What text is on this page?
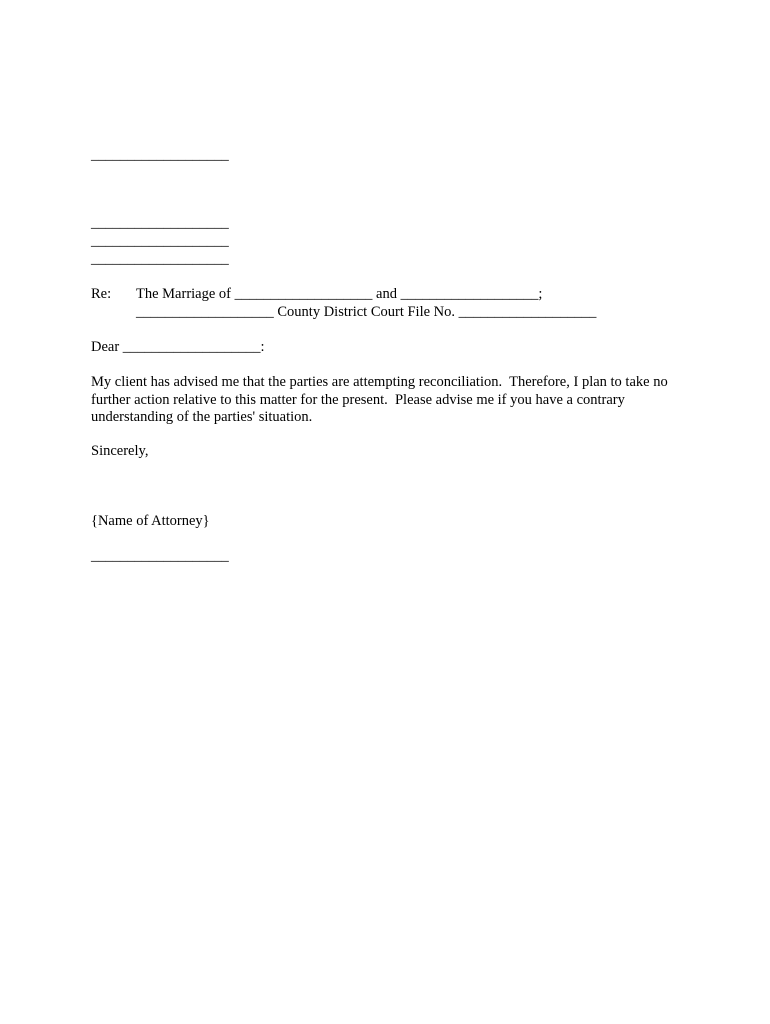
___________________
___________________
___________________
___________________
Re: The Marriage of ___________________ and ___________________;
___________________ County District Court File No. ___________________
Dear ___________________:
My client has advised me that the parties are attempting reconciliation.  Therefore, I plan to take no
further action relative to this matter for the present.  Please advise me if you have a contrary
understanding of the parties' situation.
Sincerely,
{Name of Attorney}
___________________
